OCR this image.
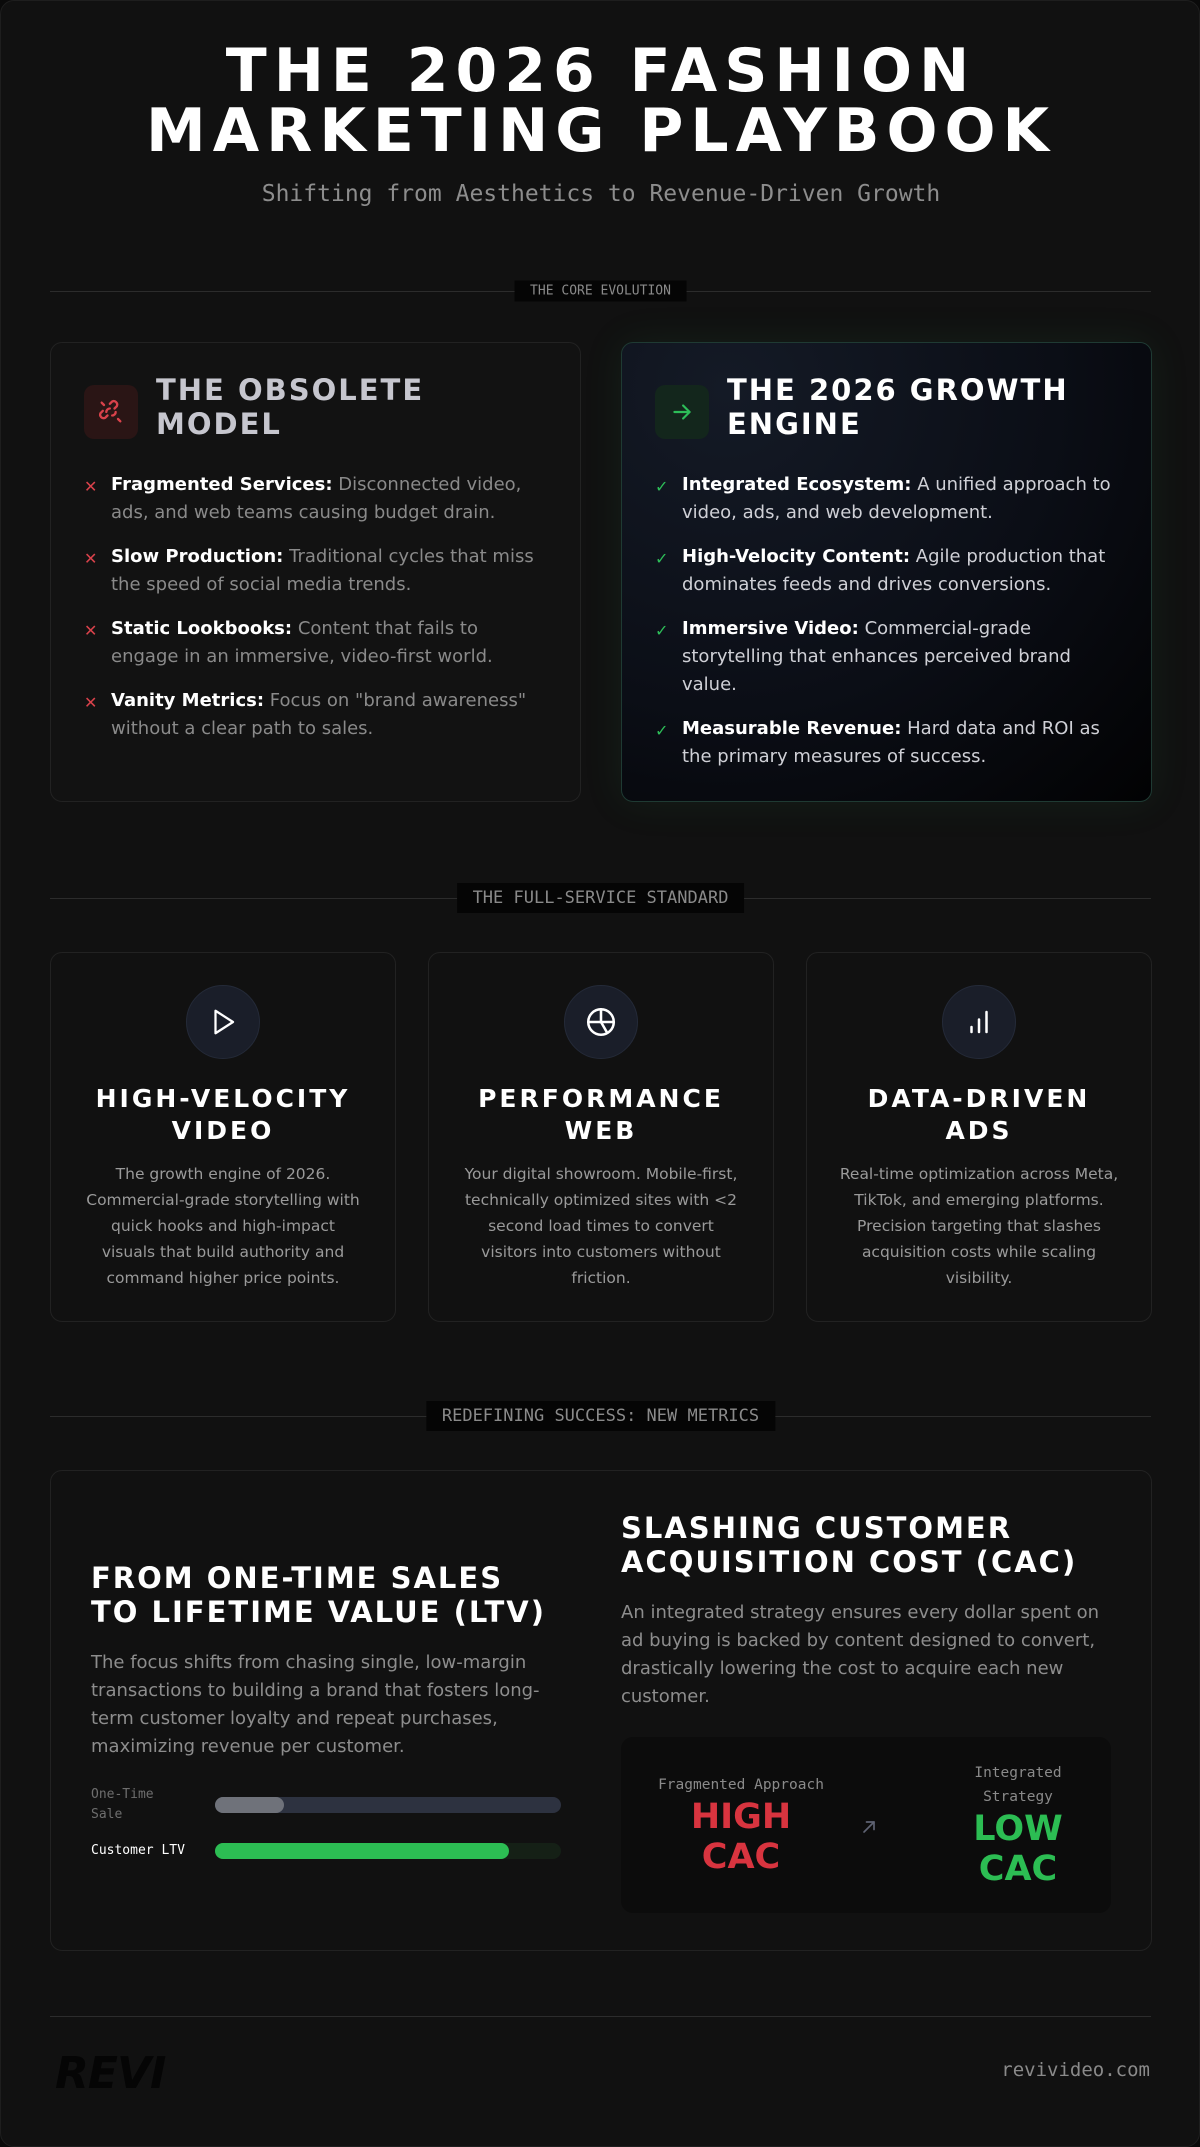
THE 2026 FASHION MARKETING PLAYBOOK
Shifting from Aesthetics to Revenue-Driven Growth
THE CORE EVOLUTION
THE OBSOLETE MODEL
✕ Fragmented Services: Disconnected video, ads, and web teams causing budget drain.
✕ Slow Production: Traditional cycles that miss the speed of social media trends.
✕ Static Lookbooks: Content that fails to engage in an immersive, video-first world.
✕ Vanity Metrics: Focus on "brand awareness" without a clear path to sales.
THE 2026 GROWTH ENGINE
✓ Integrated Ecosystem: A unified approach to video, ads, and web development.
✓ High-Velocity Content: Agile production that dominates feeds and drives conversions.
✓ Immersive Video: Commercial-grade storytelling that enhances perceived brand value.
✓ Measurable Revenue: Hard data and ROI as the primary measures of success.
THE FULL-SERVICE STANDARD
HIGH-VELOCITY VIDEO

The growth engine of 2026. Commercial-grade storytelling with quick hooks and high-impact visuals that build authority and command higher price points.

PERFORMANCE WEB

Your digital showroom. Mobile-first, technically optimized sites with <2 second load times to convert visitors into customers without friction.

DATA-DRIVEN ADS

Real-time optimization across Meta, TikTok, and emerging platforms. Precision targeting that slashes acquisition costs while scaling visibility.

REDEFINING SUCCESS: NEW METRICS
FROM ONE-TIME SALES TO LIFETIME VALUE (LTV)
The focus shifts from chasing single, low-margin transactions to building a brand that fosters long-term customer loyalty and repeat purchases, maximizing revenue per customer.
One-Time Sale
Customer LTV
SLASHING CUSTOMER ACQUISITION COST (CAC)
An integrated strategy ensures every dollar spent on ad buying is backed by content designed to convert, drastically lowering the cost to acquire each new customer.
Fragmented Approach
HIGH CAC
Integrated Strategy
LOW CAC
REVI	revivideo.com
